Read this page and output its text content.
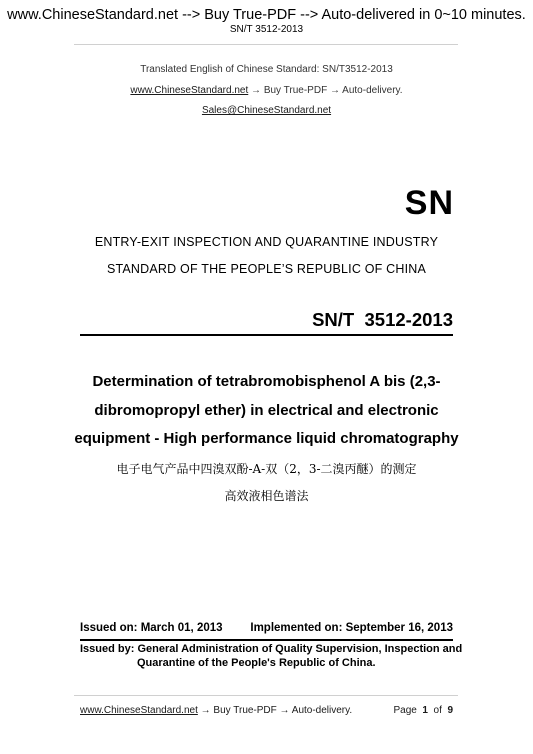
www.ChineseStandard.net --> Buy True-PDF --> Auto-delivered in 0~10 minutes.
SN/T 3512-2013
Translated English of Chinese Standard: SN/T3512-2013
www.ChineseStandard.net → Buy True-PDF → Auto-delivery.
Sales@ChineseStandard.net
SN
ENTRY-EXIT INSPECTION AND QUARANTINE INDUSTRY
STANDARD OF THE PEOPLE’S REPUBLIC OF CHINA
SN/T  3512-2013
Determination of tetrabromobisphenol A bis (2,3-
dibromopropyl ether) in electrical and electronic
equipment - High performance liquid chromatography
电子电气产品中四溴双酚-A-双（2，3-二溴丙醚）的测定
高效液相色谱法
Issued on: March 01, 2013 Implemented on: September 16, 2013
Issued by: General Administration of Quality Supervision, Inspection and
Quarantine of the People's Republic of China.
www.ChineseStandard.net → Buy True-PDF → Auto-delivery.	Page 1 of 9
